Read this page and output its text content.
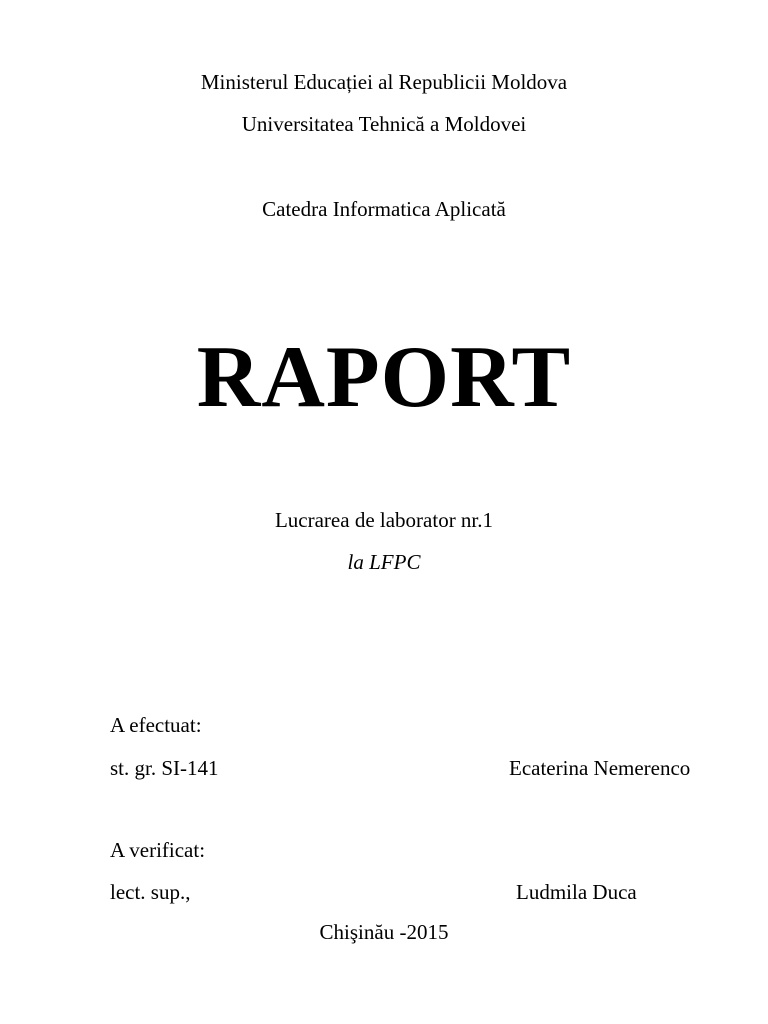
Ministerul Educației al Republicii Moldova
Universitatea Tehnică a Moldovei
Catedra Informatica Aplicată
RAPORT
Lucrarea de laborator nr.1
la LFPC
A efectuat:
st. gr. SI-141	Ecaterina Nemerenco
A verificat:
lect. sup.,	Ludmila Duca
Chişinău -2015
